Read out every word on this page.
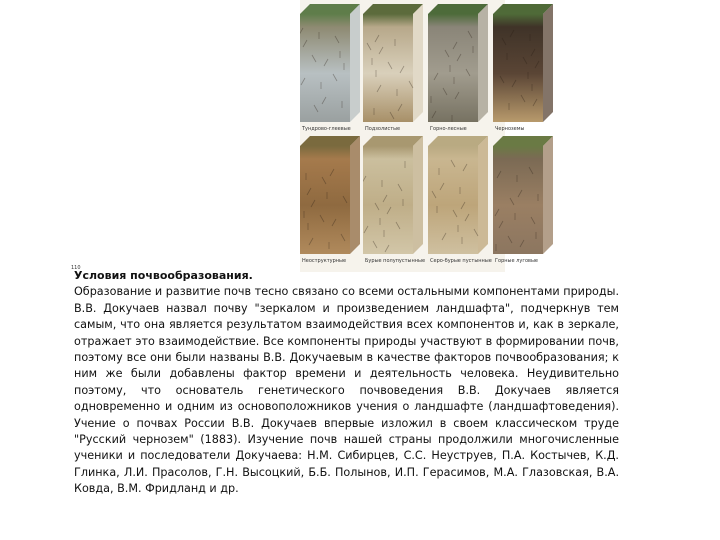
Тундрово-глеевые	Подзолистые	Горно-лесные	Черноземы
Неоструктурные	Бурые полупустынные Серо-бурые пустынные Горные луговые
110
Условия почвообразования.
Образование и развитие почв тесно связано со всеми остальными компонентами природы. В.В. Докучаев назвал почву "зеркалом и произведением ландшафта", подчеркнув тем самым, что она является результатом взаимодействия всех компонентов и, как в зеркале, отражает это взаимодействие. Все компоненты природы участвуют в формировании почв, поэтому все они были названы В.В. Докучаевым в качестве факторов почвообразования; к ним же были добавлены фактор времени и деятельность человека. Неудивительно поэтому, что основатель генетического почвоведения В.В. Докучаев является одновременно и одним из основоположников учения о ландшафте (ландшафтоведения). Учение о почвах России В.В. Докучаев впервые изложил в своем классическом труде "Русский чернозем" (1883). Изучение почв нашей страны продолжили многочисленные ученики и последователи Докучаева: Н.М. Сибирцев, С.С. Неуструев, П.А. Костычев, К.Д. Глинка, Л.И. Прасолов, Г.Н. Высоцкий, Б.Б. Полынов, И.П. Герасимов, М.А. Глазовская, В.А. Ковда, В.М. Фридланд и др.
